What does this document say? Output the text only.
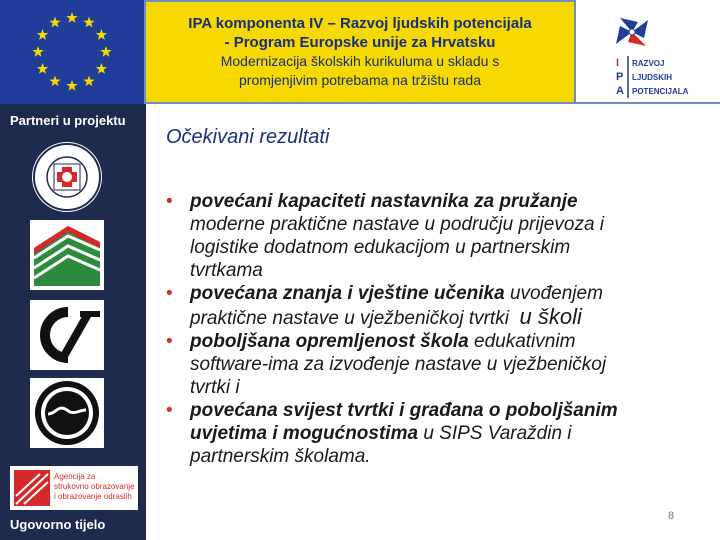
IPA komponenta IV – Razvoj ljudskih potencijala
- Program Europske unije za Hrvatsku
Modernizacija školskih kurikuluma u skladu s
promjenjivim potrebama na tržištu rada
I
P
A
RAZVOJ
LJUDSKIH
POTENCIJALA
Partneri u projektu
Agencija za
strukovno obrazovanje
i obrazovanje odraslih
Ugovorno tijelo
Očekivani rezultati
• povećani kapaciteti nastavnika za pružanje
moderne praktične nastave u području prijevoza i
logistike dodatnom edukacijom u partnerskim
tvrtkama
• povećana znanja i vještine učenika uvođenjem
praktične nastave u vježbeničkoj tvrtki u školi
• poboljšana opremljenost škola edukativnim
software-ima za izvođenje nastave u vježbeničkoj
tvrtki i
• povećana svijest tvrtki i građana o poboljšanim
uvjetima i mogućnostima u SIPS Varaždin i
partnerskim školama.
8
